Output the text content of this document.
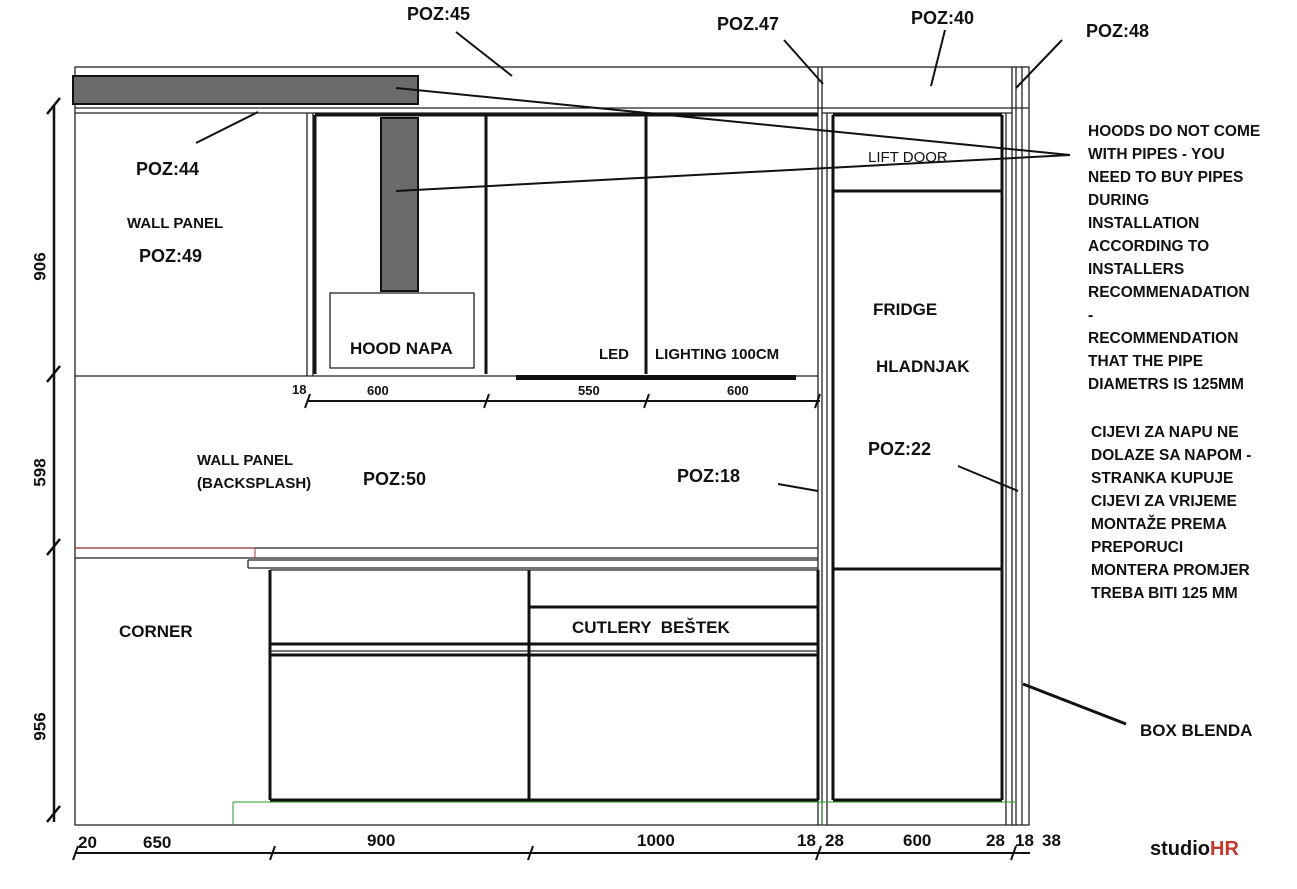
POZ:45	POZ.47	POZ:40
POZ:48
POZ:44
POZ:49
POZ:50	POZ:18
POZ:22
WALL PANEL
WALL PANEL
(BACKSPLASH)
HOOD NAPA	LED LIGHTING 100CM
LIFT DOOR
FRIDGE
HLADNJAK
CORNER	CUTLERY  BEŠTEK
BOX BLENDA
906
598
956
18	600	550	600
20	650	900	1000	18 28	600	28 18 38
HOODS DO NOT COME
WITH PIPES - YOU
NEED TO BUY PIPES
DURING
INSTALLATION
ACCORDING TO
INSTALLERS
RECOMMENADATION
-
RECOMMENDATION
THAT THE PIPE
DIAMETRS IS 125MM
CIJEVI ZA NAPU NE
DOLAZE SA NAPOM -
STRANKA KUPUJE
CIJEVI ZA VRIJEME
MONTAŽE PREMA
PREPORUCI
MONTERA PROMJER
TREBA BITI 125 MM
studioHR
